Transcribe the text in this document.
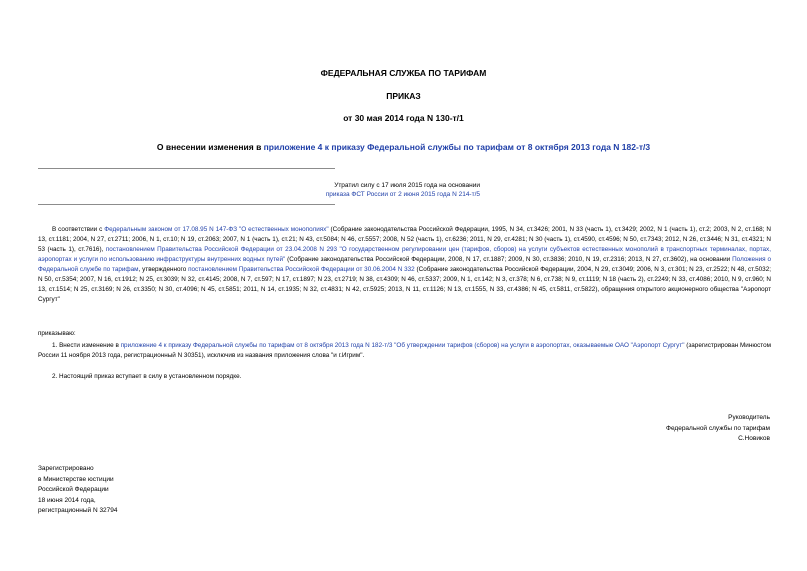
ФЕДЕРАЛЬНАЯ СЛУЖБА ПО ТАРИФАМ
ПРИКАЗ
от 30 мая 2014 года N 130-т/1
О внесении изменения в приложение 4 к приказу Федеральной службы по тарифам от 8 октября 2013 года N 182-т/3
Утратил силу с 17 июля 2015 года на основании
приказа ФСТ России от 2 июня 2015 года N 214-т/5
В соответствии с Федеральным законом от 17.08.95 N 147-ФЗ "О естественных монополиях" (Собрание законодательства Российской Федерации, 1995, N 34, ст.3426; 2001, N 33 (часть 1), ст.3429; 2002, N 1 (часть 1), ст.2; 2003, N 2, ст.168; N 13, ст.1181; 2004, N 27, ст.2711; 2006, N 1, ст.10; N 19, ст.2063; 2007, N 1 (часть 1), ст.21; N 43, ст.5084; N 46, ст.5557; 2008, N 52 (часть 1), ст.6236; 2011, N 29, ст.4281; N 30 (часть 1), ст.4590, ст.4596; N 50, ст.7343; 2012, N 26, ст.3446; N 31, ст.4321; N 53 (часть 1), ст.7616), постановлением Правительства Российской Федерации от 23.04.2008 N 293 "О государственном регулировании цен (тарифов, сборов) на услуги субъектов естественных монополий в транспортных терминалах, портах, аэропортах и услуги по использованию инфраструктуры внутренних водных путей" (Собрание законодательства Российской Федерации, 2008, N 17, ст.1887; 2009, N 30, ст.3836; 2010, N 19, ст.2316; 2013, N 27, ст.3602), на основании Положения о Федеральной службе по тарифам, утвержденного постановлением Правительства Российской Федерации от 30.06.2004 N 332 (Собрание законодательства Российской Федерации, 2004, N 29, ст.3049; 2006, N 3, ст.301; N 23, ст.2522; N 48, ст.5032; N 50, ст.5354; 2007, N 16, ст.1912; N 25, ст.3039; N 32, ст.4145; 2008, N 7, ст.597; N 17, ст.1897; N 23, ст.2719; N 38, ст.4309; N 46, ст.5337; 2009, N 1, ст.142; N 3, ст.378; N 6, ст.738; N 9, ст.1119; N 18 (часть 2), ст.2249; N 33, ст.4086; 2010, N 9, ст.960; N 13, ст.1514; N 25, ст.3169; N 26, ст.3350; N 30, ст.4096; N 45, ст.5851; 2011, N 14, ст.1935; N 32, ст.4831; N 42, ст.5925; 2013, N 11, ст.1126; N 13, ст.1555, N 33, ст.4386; N 45, ст.5811, ст.5822), обращения открытого акционерного общества "Аэропорт Сургут"
приказываю:
1. Внести изменение в приложение 4 к приказу Федеральной службы по тарифам от 8 октября 2013 года N 182-т/3 "Об утверждении тарифов (сборов) на услуги в аэропортах, оказываемые ОАО "Аэропорт Сургут" (зарегистрирован Минюстом России 11 ноября 2013 года, регистрационный N 30351), исключив из названия приложения слова "и г.Игрим".
2. Настоящий приказ вступает в силу в установленном порядке.
Руководитель
Федеральной службы по тарифам
С.Новиков
Зарегистрировано
в Министерстве юстиции
Российской Федерации
18 июня 2014 года,
регистрационный N 32794
